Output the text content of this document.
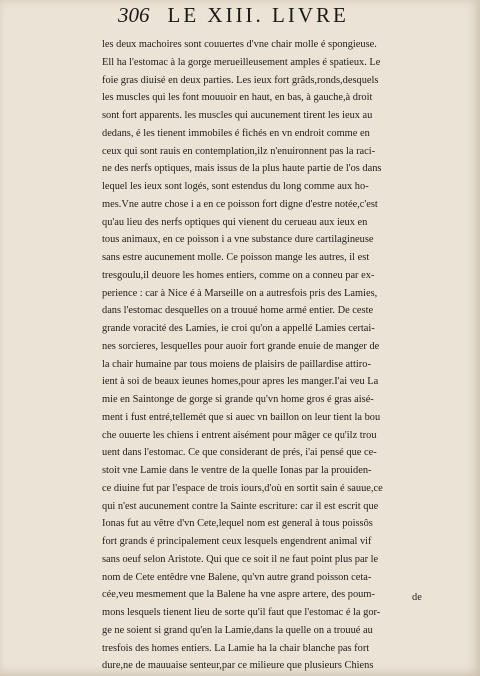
306 LE XIII. LIVRE
les deux machoires sont couuertes d'vne chair molle é spongieuse.
Ell ha l'estomac à la gorge merueilleusement amples é spatieux. Le
foie gras diuisé en deux parties. Les ieux fort grâds,ronds,desquels
les muscles qui les font mouuoir en haut, en bas, à gauche,à droit
sont fort apparents. les muscles qui aucunement tirent les ieux au
dedans, é les tienent immobiles é fichés en vn endroit comme en
ceux qui sont rauis en contemplation,ilz n'enuironnent pas la raci-
ne des nerfs optiques, mais issus de la plus haute partie de l'os dans
lequel les ieux sont logés, sont estendus du long comme aux ho-
mes.Vne autre chose i a en ce poisson fort digne d'estre notée,c'est
qu'au lieu des nerfs optiques qui vienent du cerueau aux ieux en
tous animaux, en ce poisson i a vne substance dure cartilagineuse
sans estre aucunement molle. Ce poisson mange les autres, il est
tresgoulu,il deuore les homes entiers, comme on a conneu par ex-
perience : car à Nice é à Marseille on a autresfois pris des Lamies,
dans l'estomac desquelles on a trouué home armé entier. De ceste
grande voracité des Lamies, ie croi qu'on a appellé Lamies certai-
nes sorcieres, lesquelles pour auoir fort grande enuie de manger de
la chair humaine par tous moiens de plaisirs de paillardise attiro-
ient à soi de beaux ieunes homes,pour apres les manger.I'ai veu La
mie en Saintonge de gorge si grande qu'vn home gros é gras aisé-
ment i fust entré,tellemét que si auec vn baillon on leur tient la bou
che ouuerte les chiens i entrent aisément pour mâger ce qu'ilz trou
uent dans l'estomac. Ce que considerant de prés, i'ai pensé que ce-
stoit vne Lamie dans le ventre de la quelle Ionas par la prouiden-
ce diuine fut par l'espace de trois iours,d'où en sortit sain é sauue,ce
qui n'est aucunement contre la Sainte escriture: car il est escrit que
Ionas fut au vêtre d'vn Cete,lequel nom est general à tous poissôs
fort grands é principalement ceux lesquels engendrent animal vif
sans oeuf selon Aristote. Qui que ce soit il ne faut point plus par le
nom de Cete entêdre vne Balene, qu'vn autre grand poisson ceta-
cée,veu mesmement que la Balene ha vne aspre artere, des poum-
mons lesquels tienent lieu de sorte qu'il faut que l'estomac é la gor-
ge ne soient si grand qu'en la Lamie,dans la quelle on a trouué au
tresfois des homes entiers. La Lamie ha la chair blanche pas fort
dure,ne de mauuaise senteur,par ce milieure que plusieurs Chiens
de
